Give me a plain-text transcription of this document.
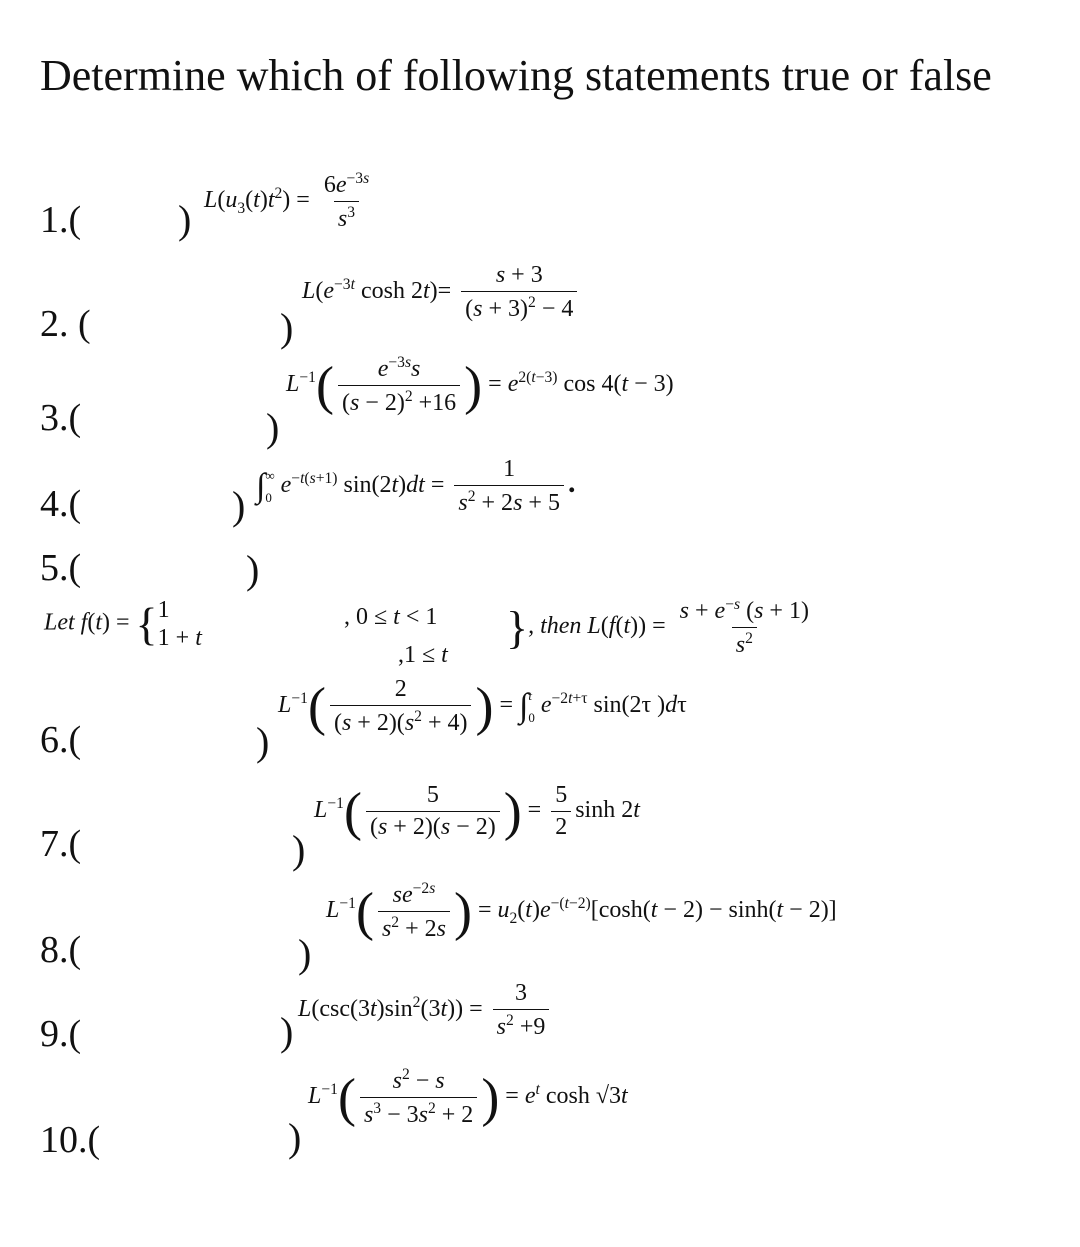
Determine which of following statements true or false
1.( ) $L(u_3(t)t^2) = \frac{6e^{-3s}}{s^3}$
2. (	)
$L(e^{-3t}$ $\cosh 2t)= \frac{s + 3}{(s + 3)^2 - 4}$
3.(	)
$L^{-1}( \frac{e^{-3s}s}{(s - 2)^2 +16}$ ) = $e^{2(t-3)}$ cos 4(t − 3)
4.(	) ∫ ∞
0 $e^{-t(s+1)}$ $\sin(2t)dt = \frac{1}{s^2 + 2s + 5}$ .
5.(	)
Let f(t) = { 1
1 + t
, 0 ≤ t < 1
,1 ≤ t
}, then $L(f(t)) = \frac{s + e^{-s} (s + 1)}{s^2}$
6.(	)
$L^{-1}( \frac{2}{(s + 2)(s^2 + 4)}$ ) = ∫ t
0 $e^{-2t+\tau}$ sin(2τ )dτ
7.(	)
$L^{-1}( \frac{5}{(s + 2)(s - 2)}$ ) = $\frac{5}{2}$ sinh 2t
8.(	)
$L^{-1}( \frac{se^{-2s}}{s^2 + 2s}$ ) = $u_2(t)e^{-(t-2)}[\cosh(t - 2) - \sinh(t - 2)]$
9.(	) $L(\csc(3t)\sin^2(3t)) = \frac{3}{s^2 +9}$
10.(	)
$L^{-1}( \frac{s^2 - s}{s^3 - 3s^2 + 2}$ ) = $e^t$ cosh √3t
